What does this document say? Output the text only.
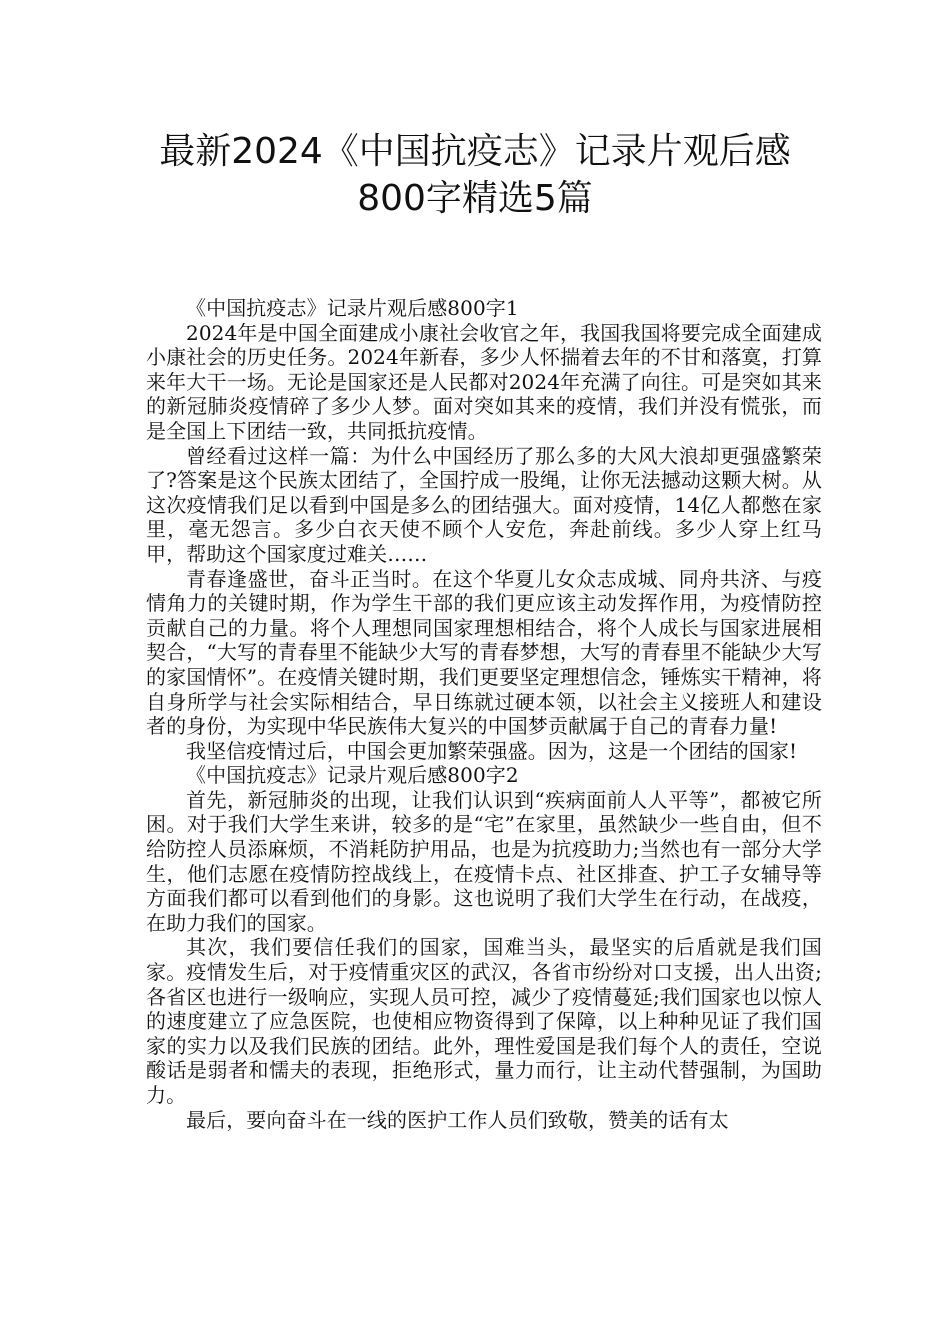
最新2024《中国抗疫志》记录片观后感
800字精选5篇

《中国抗疫志》记录片观后感800字1

2024年是中国全面建成小康社会收官之年，我国我国将要完成全面建成小康社会的历史任务。2024年新春，多少人怀揣着去年的不甘和落寞，打算来年大干一场。无论是国家还是人民都对2024年充满了向往。可是突如其来的新冠肺炎疫情碎了多少人梦。面对突如其来的疫情，我们并没有慌张，而是全国上下团结一致，共同抵抗疫情。

曾经看过这样一篇：为什么中国经历了那么多的大风大浪却更强盛繁荣了?答案是这个民族太团结了，全国拧成一股绳，让你无法撼动这颗大树。从这次疫情我们足以看到中国是多么的团结强大。面对疫情，14亿人都憋在家里，毫无怨言。多少白衣天使不顾个人安危，奔赴前线。多少人穿上红马甲，帮助这个国家度过难关……

青春逢盛世，奋斗正当时。在这个华夏儿女众志成城、同舟共济、与疫情角力的关键时期，作为学生干部的我们更应该主动发挥作用，为疫情防控贡献自己的力量。将个人理想同国家理想相结合，将个人成长与国家进展相契合，“大写的青春里不能缺少大写的青春梦想，大写的青春里不能缺少大写的家国情怀”。在疫情关键时期，我们更要坚定理想信念，锤炼实干精神，将自身所学与社会实际相结合，早日练就过硬本领，以社会主义接班人和建设者的身份，为实现中华民族伟大复兴的中国梦贡献属于自己的青春力量!

我坚信疫情过后，中国会更加繁荣强盛。因为，这是一个团结的国家!

《中国抗疫志》记录片观后感800字2

首先，新冠肺炎的出现，让我们认识到“疾病面前人人平等”，都被它所困。对于我们大学生来讲，较多的是“宅”在家里，虽然缺少一些自由，但不给防控人员添麻烦，不消耗防护用品，也是为抗疫助力;当然也有一部分大学生，他们志愿在疫情防控战线上，在疫情卡点、社区排查、护工子女辅导等方面我们都可以看到他们的身影。这也说明了我们大学生在行动，在战疫，在助力我们的国家。

其次，我们要信任我们的国家，国难当头，最坚实的后盾就是我们国家。疫情发生后，对于疫情重灾区的武汉，各省市纷纷对口支援，出人出资;各省区也进行一级响应，实现人员可控，减少了疫情蔓延;我们国家也以惊人的速度建立了应急医院，也使相应物资得到了保障，以上种种见证了我们国家的实力以及我们民族的团结。此外，理性爱国是我们每个人的责任，空说酸话是弱者和懦夫的表现，拒绝形式，量力而行，让主动代替强制，为国助力。

最后，要向奋斗在一线的医护工作人员们致敬，赞美的话有太
